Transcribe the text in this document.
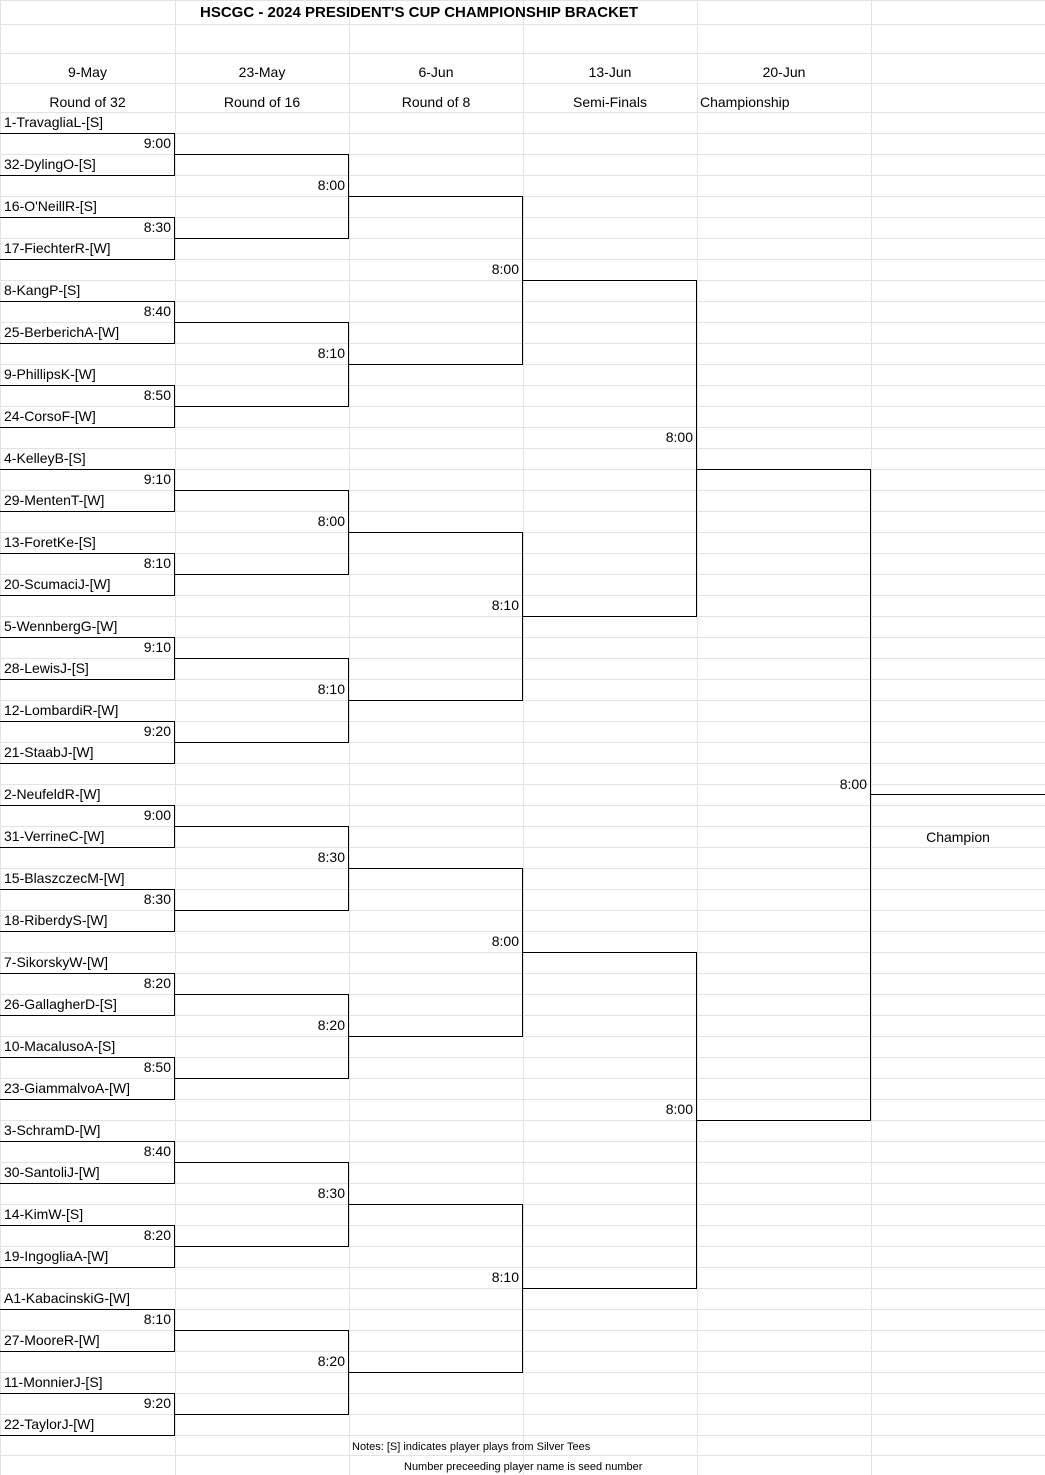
HSCGC - 2024 PRESIDENT'S CUP CHAMPIONSHIP BRACKET
9-May	23-May	6-Jun	13-Jun	20-Jun
Round of 32	Round of 16	Round of 8	Semi-Finals	Championship
1-TravagliaL-[S]
32-DylingO-[S]
16-O'NeillR-[S]
17-FiechterR-[W]
8-KangP-[S]
25-BerberichA-[W]
9-PhillipsK-[W]
24-CorsoF-[W]
4-KelleyB-[S]
29-MentenT-[W]
13-ForetKe-[S]
20-ScumaciJ-[W]
5-WennbergG-[W]
28-LewisJ-[S]
12-LombardiR-[W]
21-StaabJ-[W]
2-NeufeldR-[W]
31-VerrineC-[W]
15-BlaszczecM-[W]
18-RiberdyS-[W]
7-SikorskyW-[W]
26-GallagherD-[S]
10-MacalusoA-[S]
23-GiammalvoA-[W]
3-SchramD-[W]
30-SantoliJ-[W]
14-KimW-[S]
19-IngogliaA-[W]
A1-KabacinskiG-[W]
27-MooreR-[W]
11-MonnierJ-[S]
22-TaylorJ-[W]
9:00
8:30
8:40
8:50
9:10
8:10
9:10
9:20
9:00
8:30
8:20
8:50
8:40
8:20
8:10
9:20
8:00
8:10
8:00
8:10
8:30
8:20
8:30
8:20
8:00
8:10
8:00
8:10
8:00
8:00
8:00
Champion
Notes: [S] indicates player plays from Silver Tees
Number preceeding player name is seed number
